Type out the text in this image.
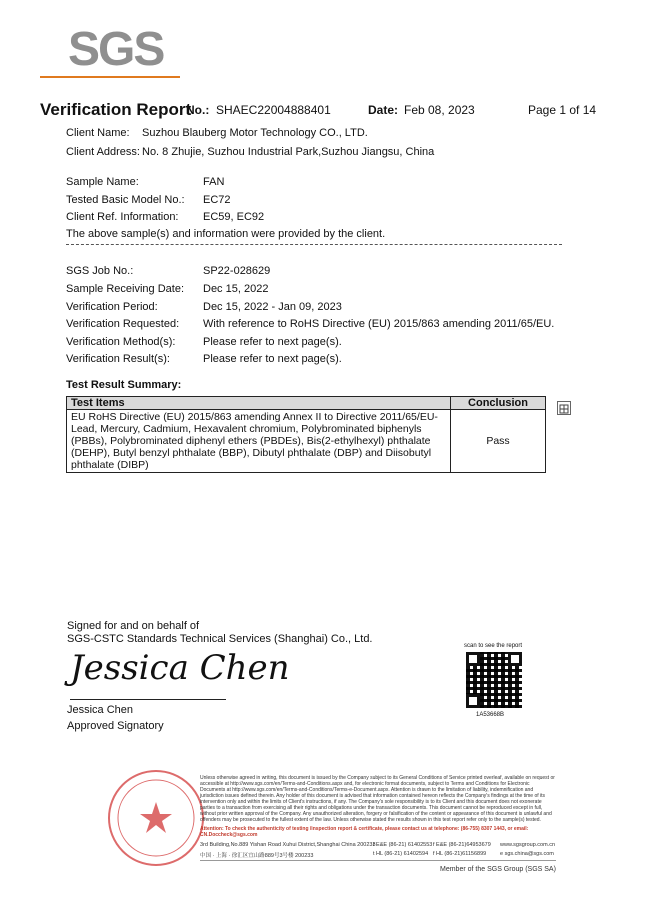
SGS
Verification Report
No.: SHAEC22004888401	Date: Feb 08, 2023	Page 1 of 14
Client Name: Suzhou Blauberg Motor Technology CO., LTD.
Client Address: No. 8 Zhujie, Suzhou Industrial Park,Suzhou Jiangsu, China
Sample Name:	FAN
Tested Basic Model No.: EC72
Client Ref. Information: EC59, EC92
The above sample(s) and information were provided by the client.
SGS Job No.:	SP22-028629
Sample Receiving Date: Dec 15, 2022
Verification Period:	Dec 15, 2022 - Jan 09, 2023
Verification Requested: With reference to RoHS Directive (EU) 2015/863 amending 2011/65/EU.
Verification Method(s):	Please refer to next page(s).
Verification Result(s):	Please refer to next page(s).
Test Result Summary:
Test Items	Conclusion
EU RoHS Directive (EU) 2015/863 amending Annex II to Directive 2011/65/EU- Lead, Mercury, Cadmium, Hexavalent chromium, Polybrominated biphenyls (PBBs), Polybrominated diphenyl ethers (PBDEs), Bis(2-ethylhexyl) phthalate (DEHP), Butyl benzyl phthalate (BBP), Dibutyl phthalate (DBP) and Diisobutyl phthalate (DIBP)	Pass
Signed for and on behalf of
SGS-CSTC Standards Technical Services (Shanghai) Co., Ltd.
Jessica Chen
Jessica Chen
Approved Signatory
scan to see the report
1A53668B
Unless otherwise agreed in writing, this document is issued by the Company subject to its General Conditions of Service printed overleaf, available on request or accessible at http://www.sgs.com/en/Terms-and-Conditions.aspx and, for electronic format documents, subject to Terms and Conditions for Electronic Documents at http://www.sgs.com/en/Terms-and-Conditions/Terms-e-Document.aspx. Attention is drawn to the limitation of liability, indemnification and jurisdiction issues defined therein. Any holder of this document is advised that information contained hereon reflects the Company's findings at the time of its intervention only and within the limits of Client's instructions, if any. The Company's sole responsibility is to its Client and this document does not exonerate parties to a transaction from exercising all their rights and obligations under the transaction documents. This document cannot be reproduced except in full, without prior written approval of the Company. Any unauthorized alteration, forgery or falsification of the content or appearance of this document is unlawful and offenders may be prosecuted to the fullest extent of the law. Unless otherwise stated the results shown in this test report refer only to the sample(s) tested.
Attention: To check the authenticity of testing /inspection report & certificate, please contact us at telephone: (86-755) 8307 1443, or email: CN.Doccheck@sgs.com
3rd Building,No.889 Yishan Road Xuhui District,Shanghai China 200233
中国 · 上海 · 徐汇区宜山路889号3号楼 200233
t E&E (86-21) 61402553
t HL (86-21) 61402594
f E&E (86-21)64953679
f HL (86-21)61156899
www.sgsgroup.com.cn
e sgs.china@sgs.com
Member of the SGS Group (SGS SA)
